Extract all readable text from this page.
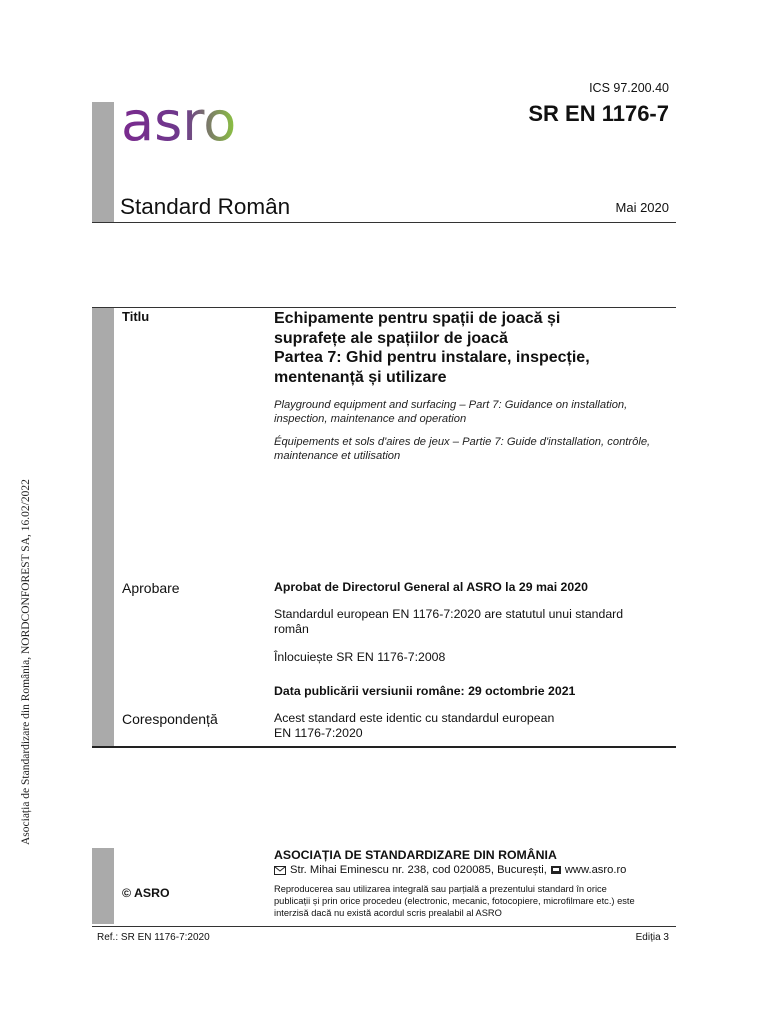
Asociația de Standardizare din România, NORDCONFOREST SA, 16.02/2022
asro
ICS 97.200.40
SR EN 1176-7
Standard Român	Mai 2020
Titlu	Echipamente pentru spații de joacă și
suprafețe ale spațiilor de joacă
Partea 7: Ghid pentru instalare, inspecție,
mentenanță și utilizare
Playground equipment and surfacing – Part 7: Guidance on installation,
inspection, maintenance and operation
Équipements et sols d'aires de jeux – Partie 7: Guide d'installation, contrôle,
maintenance et utilisation
Aprobare	Aprobat de Directorul General al ASRO la 29 mai 2020
Standardul european EN 1176-7:2020 are statutul unui standard
român
Înlocuiește SR EN 1176-7:2008
Data publicării versiunii române: 29 octombrie 2021
Corespondență	Acest standard este identic cu standardul european
EN 1176-7:2020
ASOCIAȚIA DE STANDARDIZARE DIN ROMÂNIA
Str. Mihai Eminescu nr. 238, cod 020085, București, www.asro.ro
© ASRO	Reproducerea sau utilizarea integrală sau parțială a prezentului standard în orice
publicații și prin orice procedeu (electronic, mecanic, fotocopiere, microfilmare etc.) este
interzisă dacă nu există acordul scris prealabil al ASRO
Ref.: SR EN 1176-7:2020	Ediția 3
